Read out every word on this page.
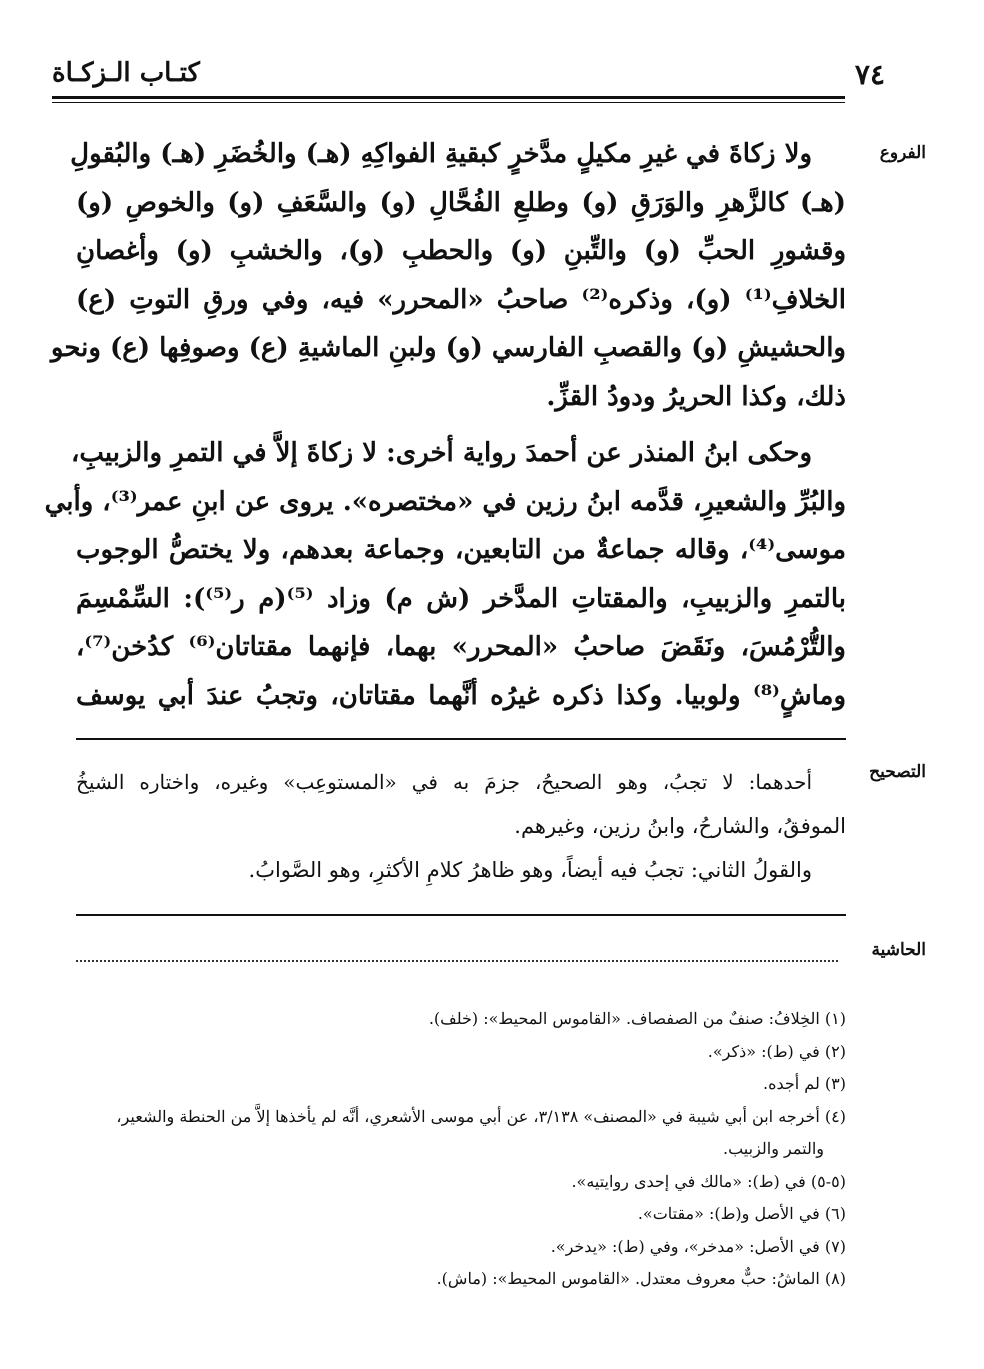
كتـاب الـزكـاة	٧٤
الفروع

ولا زكاةَ في غيرِ مكيلٍ مدَّخرٍ كبقيةِ الفواكِهِ (هـ) والخُضَرِ (هـ) والبُقولِ
(هـ) كالزَّهرِ والوَرَقِ (و) وطلعِ الفُحَّالِ (و) والسَّعَفِ (و) والخوصِ (و)
وقشورِ الحبِّ (و) والتِّبنِ (و) والحطبِ (و)، والخشبِ (و) وأغصانِ
الخلافِ⁽¹⁾ (و)، وذكره⁽²⁾ صاحبُ «المحرر» فيه، وفي ورقِ التوتِ (ع)
والحشيشِ (و) والقصبِ الفارسي (و) ولبنِ الماشيةِ (ع) وصوفِها (ع) ونحو
ذلك، وكذا الحريرُ ودودُ القزِّ.

وحكى ابنُ المنذر عن أحمدَ رواية أخرى: لا زكاةَ إلاَّ في التمرِ والزبيبِ،
والبُرِّ والشعيرِ، قدَّمه ابنُ رزين في «مختصره». يروى عن ابنِ عمر⁽³⁾، وأبي
موسى⁽⁴⁾، وقاله جماعةٌ من التابعين، وجماعة بعدهم، ولا يختصُّ الوجوب
بالتمرِ والزبيبِ، والمقتاتِ المدَّخر (ش م) وزاد ⁽⁵⁾(م ر⁽⁵⁾): السِّمْسِمَ
والتُّرْمُسَ، ونَقَضَ صاحبُ «المحرر» بهما، فإنهما مقتاتان⁽⁶⁾ كدُخن⁽⁷⁾،
وماشٍ⁽⁸⁾ ولوبيا. وكذا ذكره غيرُه أنَّهما مقتاتان، وتجبُ عندَ أبي يوسف

التصحيح

أحدهما: لا تجبُ، وهو الصحيحُ، جزمَ به في «المستوعِب» وغيره، واختاره الشيخُ
الموفقُ، والشارحُ، وابنُ رزين، وغيرهم.

والقولُ الثاني: تجبُ فيه أيضاً، وهو ظاهرُ كلامِ الأكثرِ، وهو الصَّوابُ.

الحاشية

(١) الخِلافُ: صنفٌ من الصفصاف. «القاموس المحيط»: (خلف).

(٢) في (ط): «ذكر».

(٣) لم أجده.

(٤) أخرجه ابن أبي شيبة في «المصنف» ٣/١٣٨، عن أبي موسى الأشعري، أنَّه لم يأخذها إلاَّ من الحنطة والشعير،

والتمر والزبيب.

(٥-٥) في (ط): «مالك في إحدى روايتيه».

(٦) في الأصل و(ط): «مقتات».

(٧) في الأصل: «مدخر»، وفي (ط): «يدخر».

(٨) الماشُ: حبٌّ معروف معتدل. «القاموس المحيط»: (ماش).
